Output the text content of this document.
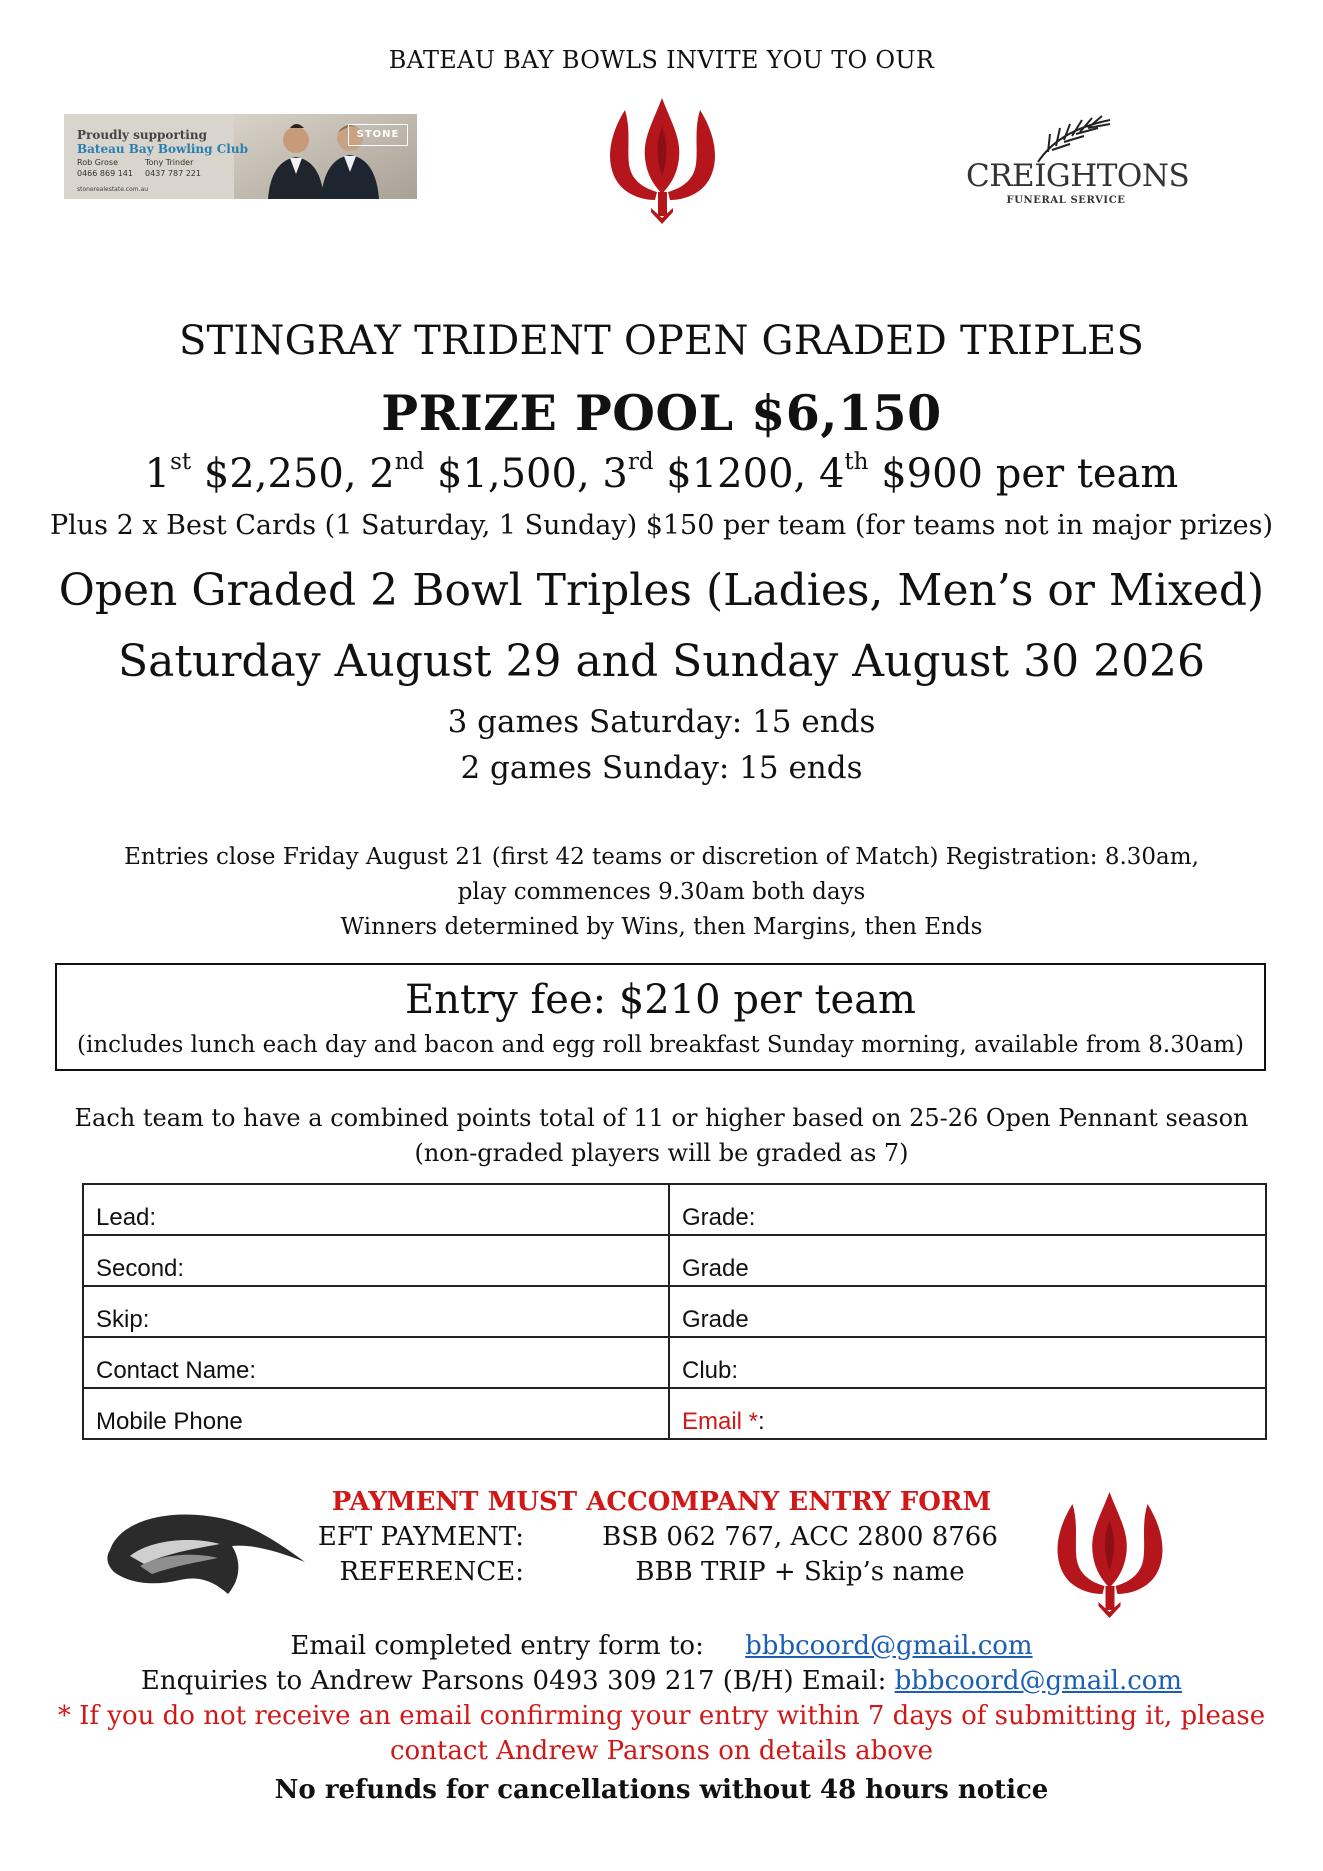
BATEAU BAY BOWLS INVITE YOU TO OUR
Proudly supporting
Bateau Bay Bowling Club
Rob Grose	Tony Trinder
0466 869 141 0437 787 221
stonerealestate.com.au
STONE
CREIGHTONS
FUNERAL SERVICE
STINGRAY TRIDENT OPEN GRADED TRIPLES
PRIZE POOL $6,150
1st $2,250, 2nd $1,500, 3rd $1200, 4th $900 per team
Plus 2 x Best Cards (1 Saturday, 1 Sunday) $150 per team (for teams not in major prizes)
Open Graded 2 Bowl Triples (Ladies, Men’s or Mixed)
Saturday August 29 and Sunday August 30 2026
3 games Saturday: 15 ends
2 games Sunday: 15 ends
Entries close Friday August 21 (first 42 teams or discretion of Match) Registration: 8.30am,
play commences 9.30am both days
Winners determined by Wins, then Margins, then Ends
Entry fee: $210 per team
(includes lunch each day and bacon and egg roll breakfast Sunday morning, available from 8.30am)
Each team to have a combined points total of 11 or higher based on 25-26 Open Pennant season
(non-graded players will be graded as 7)
Lead:	Grade:
Second:	Grade
Skip:	Grade
Contact Name:	Club:
Mobile Phone	Email *:
PAYMENT MUST ACCOMPANY ENTRY FORM
EFT PAYMENT:	BSB 062 767, ACC 2800 8766
REFERENCE:	BBB TRIP + Skip’s name
Email completed entry form to: bbbcoord@gmail.com
Enquiries to Andrew Parsons 0493 309 217 (B/H) Email: bbbcoord@gmail.com
* If you do not receive an email confirming your entry within 7 days of submitting it, please
contact Andrew Parsons on details above
No refunds for cancellations without 48 hours notice
